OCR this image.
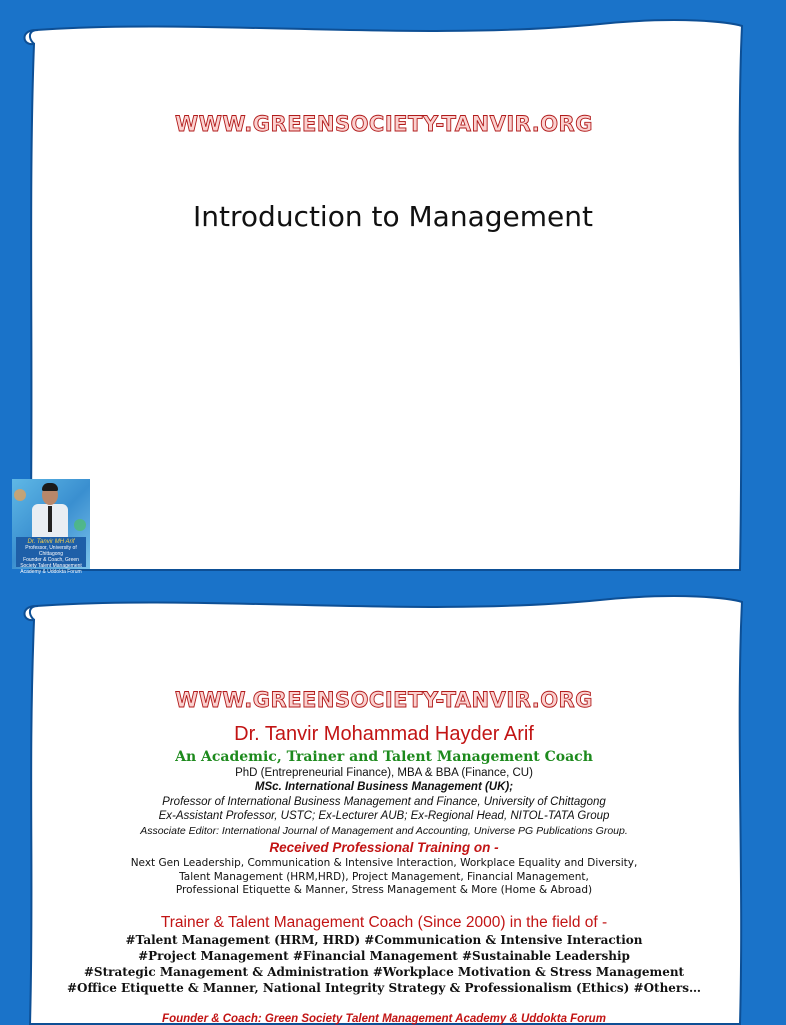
WWW.GREENSOCIETY-TANVIR.ORG
Introduction to Management
Dr. Tanvir MH Arif
Professor, University of Chittagong
Founder & Coach, Green Society Talent Management Academy & Uddokta Forum
WWW.GREENSOCIETY-TANVIR.ORG
Dr. Tanvir Mohammad Hayder Arif
An Academic, Trainer and Talent Management Coach
PhD (Entrepreneurial Finance), MBA & BBA (Finance, CU)
MSc. International Business Management (UK);
Professor of International Business Management and Finance, University of Chittagong
Ex-Assistant Professor, USTC; Ex-Lecturer AUB; Ex-Regional Head, NITOL-TATA Group
Associate Editor: International Journal of Management and Accounting, Universe PG Publications Group.
Received Professional Training on -
Next Gen Leadership, Communication & Intensive Interaction, Workplace Equality and Diversity,
Talent Management (HRM,HRD), Project Management, Financial Management,
Professional Etiquette & Manner, Stress Management & More (Home & Abroad)
Trainer & Talent Management Coach (Since 2000) in the field of -
#Talent Management (HRM, HRD) #Communication & Intensive Interaction
#Project Management #Financial Management #Sustainable Leadership
#Strategic Management & Administration #Workplace Motivation & Stress Management
#Office Etiquette & Manner, National Integrity Strategy & Professionalism (Ethics) #Others…
Founder & Coach: Green Society Talent Management Academy & Uddokta Forum
